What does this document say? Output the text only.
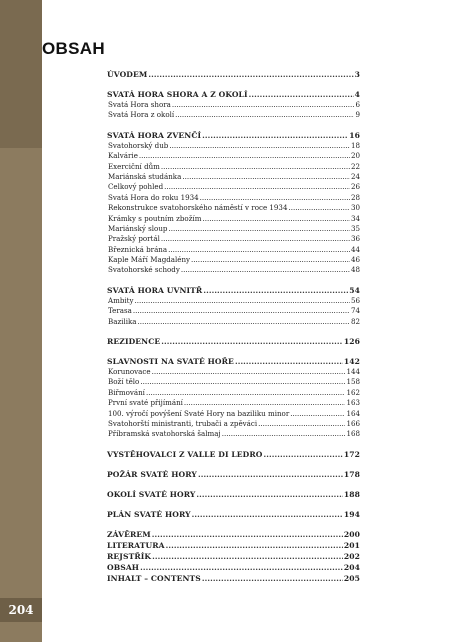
204
OBSAH
ÚVODEM .....	3
SVATÁ HORA SHORA A Z OKOLÍ .....	4
Svatá Hora shora .....	6
Svatá Hora z okolí .....	9
SVATÁ HORA ZVENČÍ .....	16
Svatohorský dub .....	18
Kalvárie .....	20
Exerciční dům .....	22
Mariánská studánka .....	24
Celkový pohled .....	26
Svatá Hora do roku 1934 .....	28
Rekonstrukce svatohorského náměstí v roce 1934 .....	30
Krámky s poutním zbožím .....	34
Mariánský sloup .....	35
Pražský portál .....	36
Březnická brána .....	44
Kaple Máří Magdalény .....	46
Svatohorské schody .....	48
SVATÁ HORA UVNITŘ .....	54
Ambity .....	56
Terasa .....	74
Bazilika .....	82
REZIDENCE .....	126
SLAVNOSTI NA SVATÉ HOŘE .....	142
Korunovace .....	144
Boží tělo .....	158
Biřmování .....	162
První svaté přijímání .....	163
100. výročí povýšení Svaté Hory na baziliku minor .....	164
Svatohorští ministranti, trubači a zpěváci .....	166
Příbramská svatohorská šalmaj .....	168
VYSTĚHOVALCI Z VALLE DI LEDRO .....	172
POŽÁR SVATÉ HORY .....	178
OKOLÍ SVATÉ HORY .....	188
PLÁN SVATÉ HORY .....	194
ZÁVĚREM .....	200
LITERATURA .....	201
REJSTŘÍK .....	202
OBSAH .....	204
INHALT – CONTENTS .....	205
